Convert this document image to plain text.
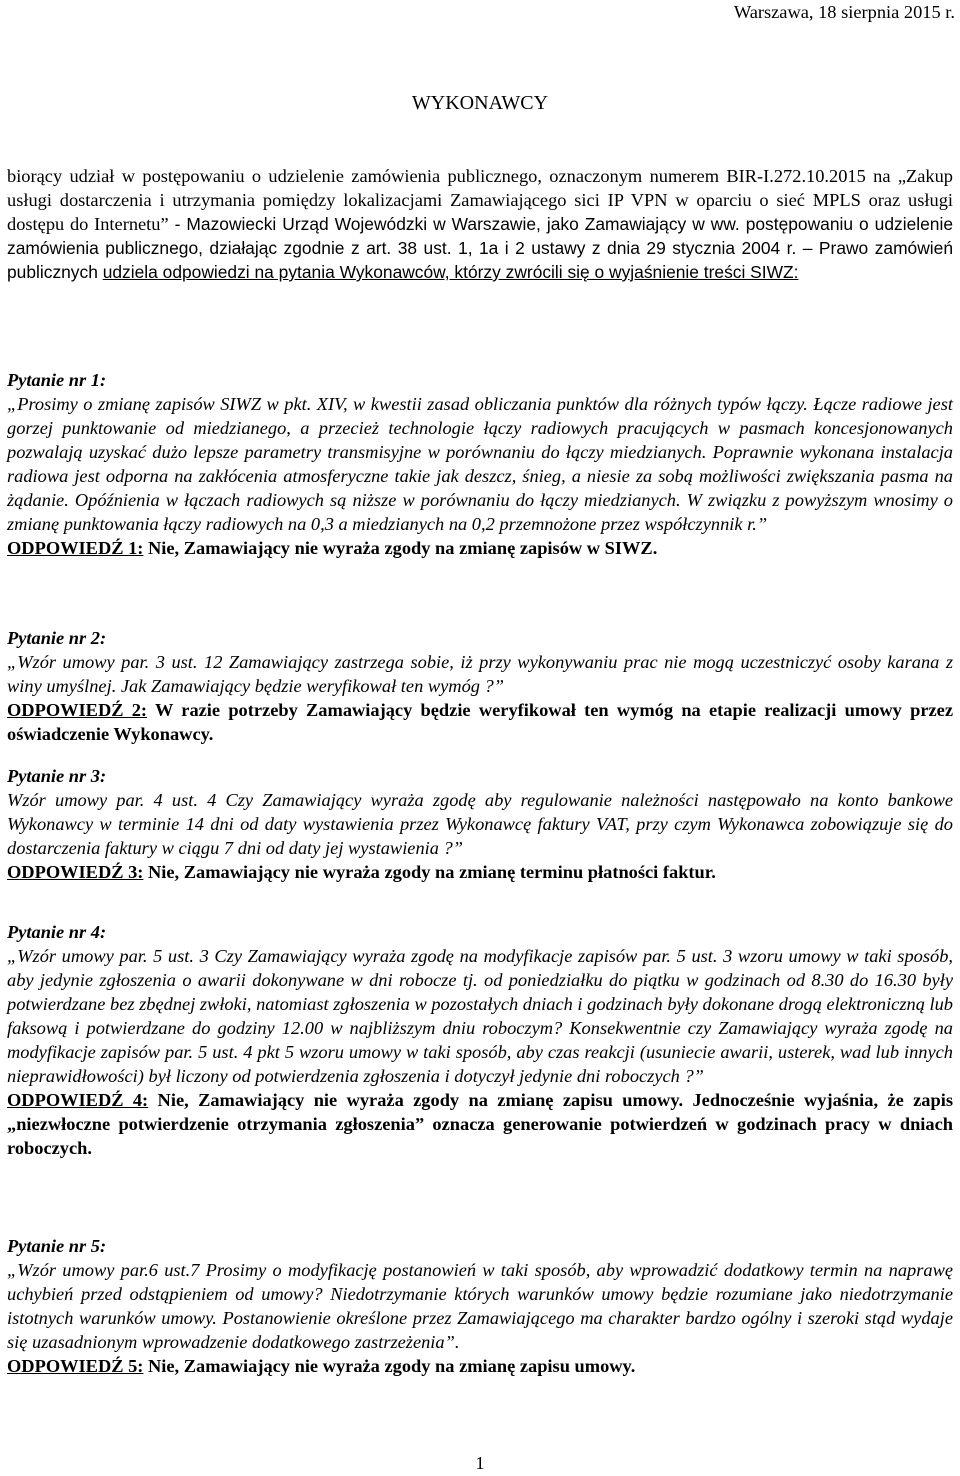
Warszawa, 18 sierpnia 2015 r.
WYKONAWCY
biorący udział w postępowaniu o udzielenie zamówienia publicznego, oznaczonym numerem BIR-I.272.10.2015 na „Zakup usługi dostarczenia i utrzymania pomiędzy lokalizacjami Zamawiającego sici IP VPN w oparciu o sieć MPLS oraz usługi dostępu do Internetu” - Mazowiecki Urząd Wojewódzki w Warszawie, jako Zamawiający w ww. postępowaniu o udzielenie zamówienia publicznego, działając zgodnie z art. 38 ust. 1, 1a i 2 ustawy z dnia 29 stycznia 2004 r. – Prawo zamówień publicznych udziela odpowiedzi na pytania Wykonawców, którzy zwrócili się o wyjaśnienie treści SIWZ:

Pytanie nr 1:

„Prosimy o zmianę zapisów SIWZ w pkt. XIV, w kwestii zasad obliczania punktów dla różnych typów łączy. Łącze radiowe jest gorzej punktowanie od miedzianego, a przecież technologie łączy radiowych pracujących w pasmach koncesjonowanych pozwalają uzyskać dużo lepsze parametry transmisyjne w porównaniu do łączy miedzianych. Poprawnie wykonana instalacja radiowa jest odporna na zakłócenia atmosferyczne takie jak deszcz, śnieg, a niesie za sobą możliwości zwiększania pasma na żądanie. Opóźnienia w łączach radiowych są niższe w porównaniu do łączy miedzianych. W związku z powyższym wnosimy o zmianę punktowania łączy radiowych na 0,3 a miedzianych na 0,2 przemnożone przez współczynnik r.”

ODPOWIEDŹ 1: Nie, Zamawiający nie wyraża zgody na zmianę zapisów w SIWZ.

Pytanie nr 2:

„Wzór umowy par. 3 ust. 12 Zamawiający zastrzega sobie, iż przy wykonywaniu prac nie mogą uczestniczyć osoby karana z winy umyślnej. Jak Zamawiający będzie weryfikował ten wymóg ?”

ODPOWIEDŹ 2: W razie potrzeby Zamawiający będzie weryfikował ten wymóg na etapie realizacji umowy przez oświadczenie Wykonawcy.

Pytanie nr 3:

Wzór umowy par. 4 ust. 4 Czy Zamawiający wyraża zgodę aby regulowanie należności następowało na konto bankowe Wykonawcy w terminie 14 dni od daty wystawienia przez Wykonawcę faktury VAT, przy czym Wykonawca zobowiązuje się do dostarczenia faktury w ciągu 7 dni od daty jej wystawienia ?”

ODPOWIEDŹ 3: Nie, Zamawiający nie wyraża zgody na zmianę terminu płatności faktur.

Pytanie nr 4:

„Wzór umowy par. 5 ust. 3 Czy Zamawiający wyraża zgodę na modyfikacje zapisów par. 5 ust. 3 wzoru umowy w taki sposób, aby jedynie zgłoszenia o awarii dokonywane w dni robocze tj. od poniedziałku do piątku w godzinach od 8.30 do 16.30 były potwierdzane bez zbędnej zwłoki, natomiast zgłoszenia w pozostałych dniach i godzinach były dokonane drogą elektroniczną lub faksową i potwierdzane do godziny 12.00 w najbliższym dniu roboczym? Konsekwentnie czy Zamawiający wyraża zgodę na modyfikacje zapisów par. 5 ust. 4 pkt 5 wzoru umowy w taki sposób, aby czas reakcji (usuniecie awarii, usterek, wad lub innych nieprawidłowości) był liczony od potwierdzenia zgłoszenia i dotyczył jedynie dni roboczych ?”

ODPOWIEDŹ 4: Nie, Zamawiający nie wyraża zgody na zmianę zapisu umowy. Jednocześnie wyjaśnia, że zapis „niezwłoczne potwierdzenie otrzymania zgłoszenia” oznacza generowanie potwierdzeń w godzinach pracy w dniach roboczych.

Pytanie nr 5:

„Wzór umowy par.6 ust.7 Prosimy o modyfikację postanowień w taki sposób, aby wprowadzić dodatkowy termin na naprawę uchybień przed odstąpieniem od umowy? Niedotrzymanie których warunków umowy będzie rozumiane jako niedotrzymanie istotnych warunków umowy. Postanowienie określone przez Zamawiającego ma charakter bardzo ogólny i szeroki stąd wydaje się uzasadnionym wprowadzenie dodatkowego zastrzeżenia”.

ODPOWIEDŹ 5: Nie, Zamawiający nie wyraża zgody na zmianę zapisu umowy.

1
